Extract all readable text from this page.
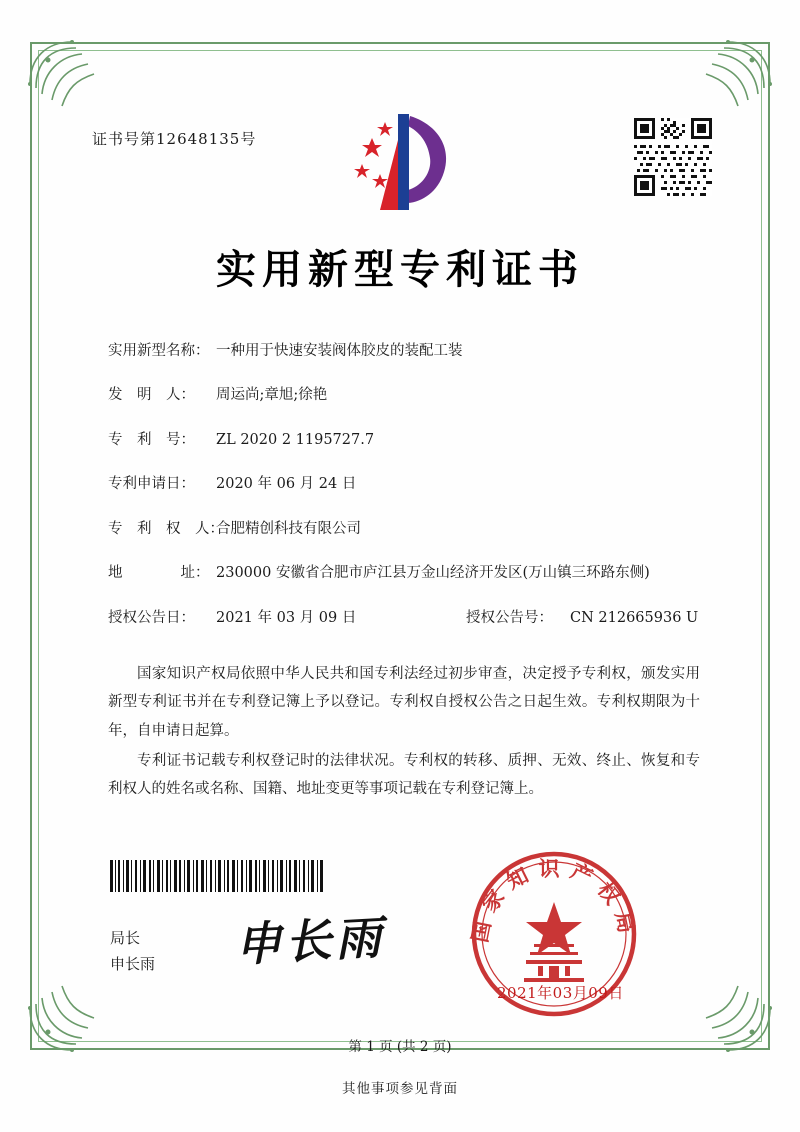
证书号第12648135号
实用新型专利证书
实用新型名称： 一种用于快速安装阀体胶皮的装配工装
发　明　人：	周运尚;章旭;徐艳
专　利　号：	ZL 2020 2 1195727.7
专利申请日：	2020 年 06 月 24 日
专　利　权　人：
合肥精创科技有限公司
地　　　　址： 230000 安徽省合肥市庐江县万金山经济开发区(万山镇三环路东侧)
授权公告日：	2021 年 03 月 09 日	授权公告号：	CN 212665936 U

国家知识产权局依照中华人民共和国专利法经过初步审查，决定授予专利权，颁发实用新型专利证书并在专利登记簿上予以登记。专利权自授权公告之日起生效。专利权期限为十年，自申请日起算。

专利证书记载专利权登记时的法律状况。专利权的转移、质押、无效、终止、恢复和专利权人的姓名或名称、国籍、地址变更等事项记载在专利登记簿上。

局长
申长雨 申长雨	国家知识产权局
2021年03月09日
第 1 页 (共 2 页)
其他事项参见背面
